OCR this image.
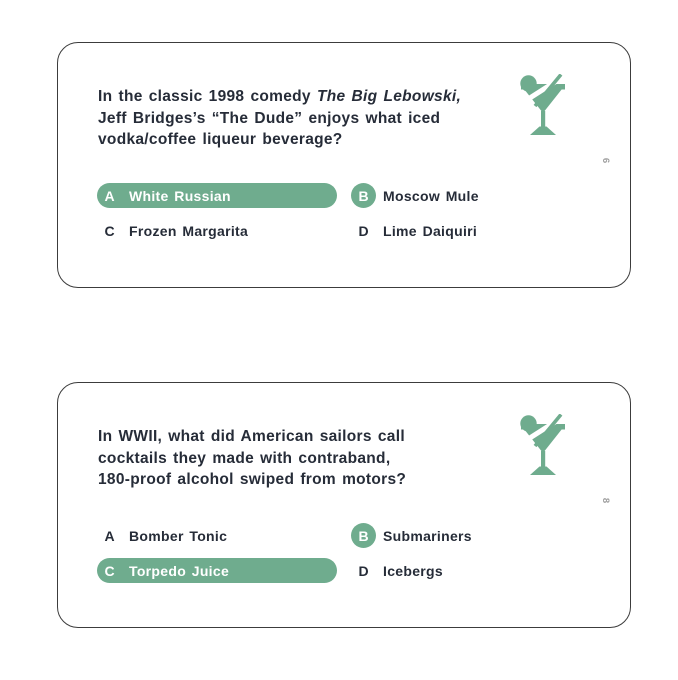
In the classic 1998 comedy The Big Lebowski,
Jeff Bridges’s “The Dude” enjoys what iced
vodka/coffee liqueur beverage?
6
A	White Russian	B	Moscow Mule
C	Frozen Margarita	D	Lime Daiquiri
In WWII, what did American sailors call
cocktails they made with contraband,
180-proof alcohol swiped from motors?
8
A	Bomber Tonic	B	Submariners
C	Torpedo Juice	D	Icebergs
